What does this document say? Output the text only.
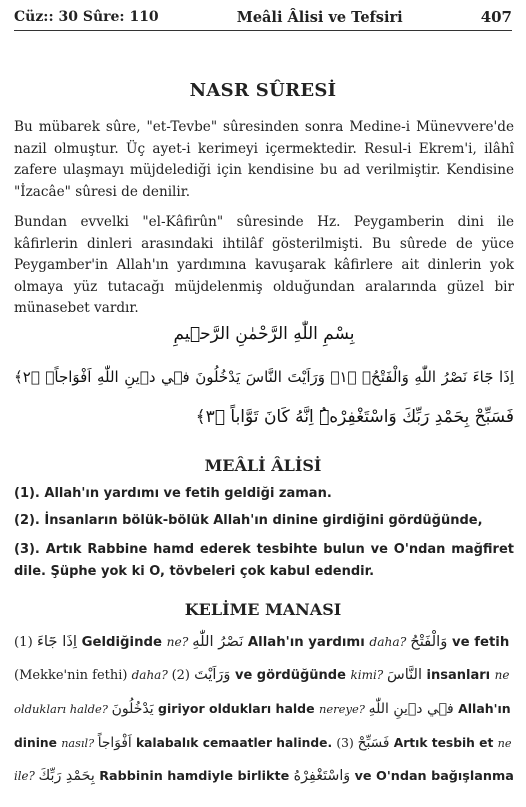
Cüz:: 30 Sûre: 110	Meâli Âlisi ve Tefsiri	407
NASR SÛRESİ

Bu mübarek sûre, "et-Tevbe" sûresinden sonra Medine-i Münevvere'de nazil olmuştur. Üç ayet-i kerimeyi içermektedir. Resul-i Ekrem'i, ilâhî zafere ulaşmayı müjdelediği için kendisine bu ad verilmiştir. Kendisine "İzacâe" sûresi de denilir.

Bundan evvelki "el-Kâfirûn" sûresinde Hz. Peygamberin dini ile kâfirlerin dinleri arasındaki ihtilâf gösterilmişti. Bu sûrede de yüce Peygamber'in Allah'ın yardımına kavuşarak kâfirlere ait dinlerin yok olmaya yüz tutacağı müjdelenmiş olduğundan aralarında güzel bir münasebet vardır.

بِسْمِ اللّٰهِ الرَّحْمٰنِ الرَّح۪يمِ

اِذَا جَٓاءَ نَصْرُ اللّٰهِ وَالْفَتْحُۙ ﴿١﴾ وَرَاَيْتَ النَّاسَ يَدْخُلُونَ ف۪ي د۪ينِ اللّٰهِ اَفْوَاجاًۙ ﴿٢﴾

فَسَبِّحْ بِحَمْدِ رَبِّكَ وَاسْتَغْفِرْهُۜ اِنَّهُ كَانَ تَوَّاباً ﴿٣﴾

MEÂLİ ÂLİSİ

(1). Allah'ın yardımı ve fetih geldiği zaman.

(2). İnsanların bölük-bölük Allah'ın dinine girdiğini gördüğünde,

(3). Artık Rabbine hamd ederek tesbihte bulun ve O'ndan mağfiret dile. Şüphe yok ki O, tövbeleri çok kabul edendir.

KELİME MANASI

(1) اِذَا جَٓاءَ Geldiğinde ne? نَصْرُ اللّٰهِ Allah'ın yardımı daha? وَالْفَتْحُ ve fetih

(Mekke'nin fethi) daha? (2) وَرَاَيْتَ ve gördüğünde kimi? النَّاسَ insanları ne

oldukları halde? يَدْخُلُونَ giriyor oldukları halde nereye? ف۪ي د۪ينِ اللّٰهِ Allah'ın

dinine nasıl? اَفْوَاجاً kalabalık cemaatler halinde. (3) فَسَبِّحْ Artık tesbih et ne

ile? بِحَمْدِ رَبِّكَ Rabbinin hamdiyle birlikte وَاسْتَغْفِرْهُ ve O'ndan bağışlanma
